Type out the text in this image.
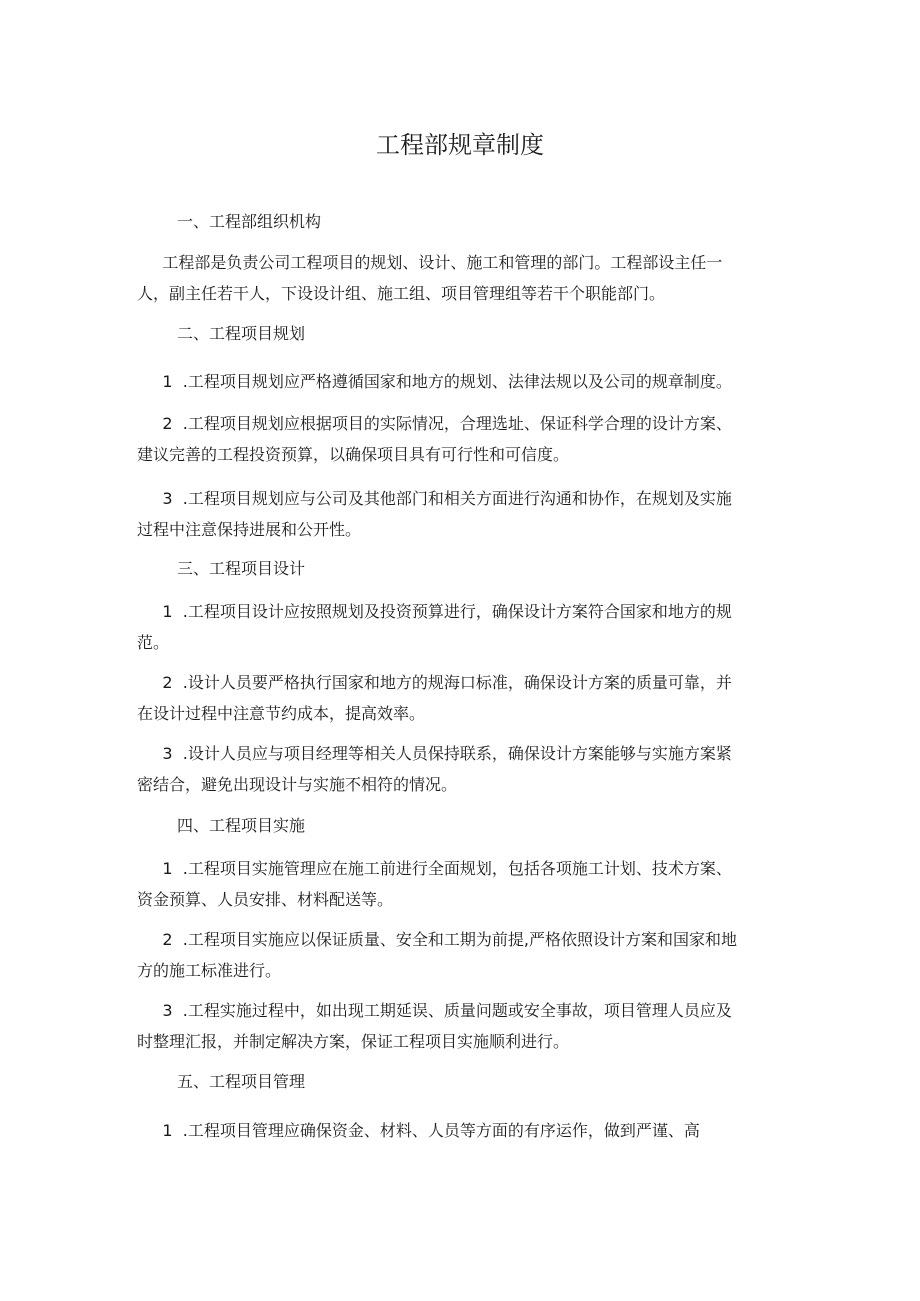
工程部规章制度

一、工程部组织机构

工程部是负责公司工程项目的规划、设计、施工和管理的部门。工程部设主任一
人，副主任若干人，下设设计组、施工组、项目管理组等若干个职能部门。

二、工程项目规划

1  .工程项目规划应严格遵循国家和地方的规划、法律法规以及公司的规章制度。

2  .工程项目规划应根据项目的实际情况，合理选址、保证科学合理的设计方案、
建议完善的工程投资预算，以确保项目具有可行性和可信度。

3  .工程项目规划应与公司及其他部门和相关方面进行沟通和协作，在规划及实施
过程中注意保持进展和公开性。

三、工程项目设计

1  .工程项目设计应按照规划及投资预算进行，确保设计方案符合国家和地方的规
范。

2  .设计人员要严格执行国家和地方的规海口标准，确保设计方案的质量可靠，并
在设计过程中注意节约成本，提高效率。

3  .设计人员应与项目经理等相关人员保持联系，确保设计方案能够与实施方案紧
密结合，避免出现设计与实施不相符的情况。

四、工程项目实施

1  .工程项目实施管理应在施工前进行全面规划，包括各项施工计划、技术方案、
资金预算、人员安排、材料配送等。

2  .工程项目实施应以保证质量、安全和工期为前提,严格依照设计方案和国家和地
方的施工标准进行。

3  .工程实施过程中，如出现工期延误、质量问题或安全事故，项目管理人员应及
时整理汇报，并制定解决方案，保证工程项目实施顺利进行。

五、工程项目管理

1  .工程项目管理应确保资金、材料、人员等方面的有序运作，做到严谨、高
